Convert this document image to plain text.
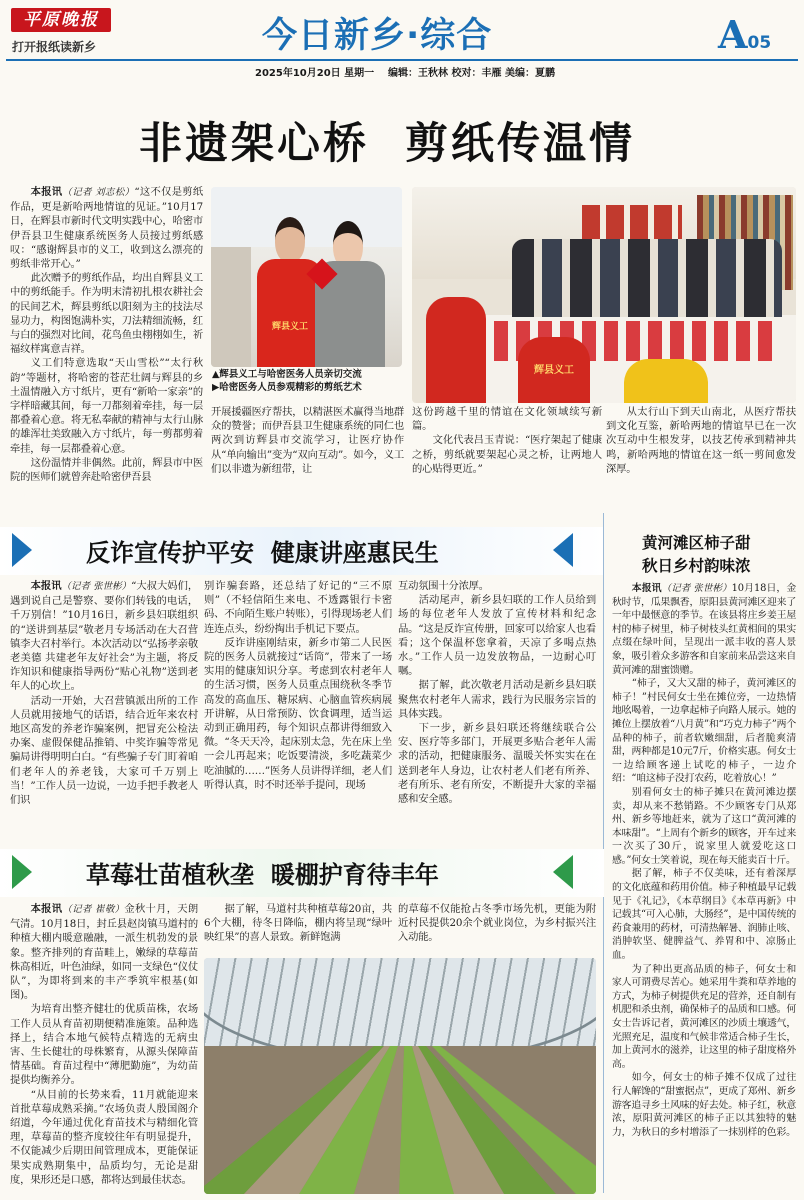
平原晚报
打开报纸读新乡	今日新乡·综合	A05
2025年10月20日 星期一 编辑：王秋林 校对：丰雁 美编：夏鹏
非遗架心桥  剪纸传温情

本报讯（记者 刘志松）“这不仅是剪纸作品，更是新哈两地情谊的见证。”10月17日，在辉县市新时代文明实践中心，哈密市伊吾县卫生健康系统医务人员接过剪纸感叹：“感谢辉县市的义工，收到这么漂亮的剪纸非常开心。”

此次赠予的剪纸作品，均出自辉县义工中的剪纸能手。作为明末清初扎根农耕社会的民间艺术，辉县剪纸以阳刻为主的技法尽显功力，构图饱满朴实，刀法精细流畅，红与白的强烈对比间，花鸟鱼虫栩栩如生，祈福纹样寓意吉祥。

义工们特意选取“天山雪松”“太行秋韵”等题材，将哈密的苍茫壮阔与辉县的乡土温情融入方寸纸片，更有“新哈一家亲”的字样暗藏其间，每一刀都刻着牵挂，每一层都叠着心意。将无私奉献的精神与太行山脉的雄浑壮美致融入方寸纸片，每一剪都剪着牵挂，每一层都叠着心意。

这份温情并非偶然。此前，辉县市中医院的医师们就曾奔赴哈密伊吾县

辉县义工
▲辉县义工与哈密医务人员亲切交流
▶哈密医务人员参观精彩的剪纸艺术
辉县义工

开展援疆医疗帮扶，以精湛医术赢得当地群众的赞誉；而伊吾县卫生健康系统的同仁也两次到访辉县市交流学习，让医疗协作从“单向输出”变为“双向互动”。如今，义工们以非遗为新纽带，让

这份跨越千里的情谊在文化领域续写新篇。

文化代表吕玉青说：“医疗架起了健康之桥，剪纸就要架起心灵之桥，让两地人的心贴得更近。”

从太行山下到天山南北，从医疗帮扶到文化互鉴，新哈两地的情谊早已在一次次互动中生根发芽，以技艺传承到精神共鸣，新哈两地的情谊在这一纸一剪间愈发深厚。

反诈宣传护平安  健康讲座惠民生

本报讯（记者 张世彬）“大叔大妈们，遇到说自己是警察、要你们转钱的电话，千万别信！”10月16日，新乡县妇联组织的“送讲到基层”敬老月专场活动在大召营镇李大召村举行。本次活动以“弘扬孝亲敬老美德 共建老年友好社会”为主题，将反诈知识和健康指导两份“贴心礼物”送到老年人的心坎上。

活动一开始，大召营镇派出所的工作人员就用接地气的话语，结合近年来农村地区高发的养老诈骗案例，把冒充公检法办案、虚假保健品推销、中奖诈骗等常见骗局讲得明明白白。“有些骗子专门盯着咱们老年人的养老钱，大家可千万别上当！”工作人员一边说，一边手把手教老人们识

别诈骗套路，还总结了好记的“三不原则”（不轻信陌生来电、不透露银行卡密码、不向陌生账户转账），引得现场老人们连连点头，纷纷掏出手机记下要点。

反诈讲座刚结束，新乡市第二人民医院的医务人员就接过“话筒”，带来了一场实用的健康知识分享。考虑到农村老年人的生活习惯，医务人员重点围绕秋冬季节高发的高血压、糖尿病、心脑血管疾病展开讲解，从日常预防、饮食调理，适当运动到正确用药，每个知识点都讲得细致入微。“冬天天冷，起床别太急，先在床上坐一会儿再起来；吃饭要清淡，多吃蔬菜少吃油腻的……”医务人员讲得详细，老人们听得认真，时不时还举手提问，现场

互动氛围十分浓厚。

活动尾声，新乡县妇联的工作人员给到场的每位老年人发放了宣传材料和纪念品。“这是反诈宣传册，回家可以给家人也看看；这个保温杯您拿着，天凉了多喝点热水。”工作人员一边发放物品，一边耐心叮嘱。

据了解，此次敬老月活动是新乡县妇联聚焦农村老年人需求，践行为民服务宗旨的具体实践。

下一步，新乡县妇联还将继续联合公安、医疗等多部门，开展更多贴合老年人需求的活动，把健康服务、温暖关怀实实在在送到老年人身边，让农村老人们老有所养、老有所乐、老有所安，不断提升大家的幸福感和安全感。

黄河滩区柿子甜
秋日乡村韵味浓

本报讯（记者 张世彬）10月18日，金秋时节，瓜果飘香，原阳县黄河滩区迎来了一年中最惬意的季节。在该县将庄乡姜王屋村的柿子树里，柿子树枝头红黄相间的果实点缀在绿叶间，呈现出一派丰收的喜人景象，吸引着众多游客和自家前来品尝这来自黄河滩的甜蜜馈赠。

“柿子，又大又甜的柿子，黄河滩区的柿子！”村民何女士坐在摊位旁，一边热情地吆喝着，一边拿起柿子向路人展示。她的摊位上摆放着“八月黄”和“巧克力柿子”两个品种的柿子，前者软嫩细甜，后者脆爽清甜，两种都是10元7斤，价格实惠。何女士一边给顾客递上试吃的柿子，一边介绍：“咱这柿子没打农药，吃着放心！”

别看何女士的柿子摊只在黄河滩边摆卖，却从来不愁销路。不少顾客专门从郑州、新乡等地赶来，就为了这口“黄河滩的本味甜”。“上周有个新乡的顾客，开车过来一次买了30斤，说家里人就爱吃这口感。”何女士笑着说，现在每天能卖百十斤。

据了解，柿子不仅美味，还有着深厚的文化底蕴和药用价值。柿子种植最早记载见于《礼记》，《本草纲目》《本草再新》中记载其“可入心肺，大肠经”，是中国传统的药食兼用的药材，可清热解暑、润肺止咳、消肿软坚、健脾益气、养胃和中、凉肠止血。

为了种出更高品质的柿子，何女士和家人可谓费尽苦心。她采用牛粪和草养地的方式，为柿子树提供充足的营养，还自制有机肥和杀虫剂，确保柿子的品质和口感。何女士告诉记者，黄河滩区的沙质土壤透气，光照充足，温度和气候非常适合柿子生长，加上黄河水的滋养，让这里的柿子甜度格外高。

如今，何女士的柿子摊不仅成了过往行人解馋的“甜蜜据点”，更成了郑州、新乡游客追寻乡土风味的好去处。柿子红，秋意浓，原阳黄河滩区的柿子正以其独特的魅力，为秋日的乡村增添了一抹别样的色彩。

草莓壮苗植秋垄  暖棚护育待丰年

本报讯（记者 崔敬）金秋十月，天朗气清。10月18日，封丘县赵岗镇马道村的种植大棚内暖意融融，一派生机勃发的景象。整齐排列的育苗畦上，嫩绿的草莓苗株高相近，叶色油绿，如同一支绿色“仪仗队”，为即将到来的丰产季筑牢根基(如图)。

为培育出整齐健壮的优质苗株，农场工作人员从育苗初期便精准施策。品种选择上，结合本地气候特点精选的无病虫害、生长健壮的母株繁育，从源头保障苗情基础。育苗过程中“薄肥勤施”，为幼苗提供均衡养分。

“从目前的长势来看，11月就能迎来首批草莓成熟采摘。”农场负责人殷国阁介绍道，今年通过优化育苗技术与精细化管理，草莓苗的整齐度较往年有明显提升，不仅能减少后期田间管理成本，更能保证果实成熟期集中，品质均匀，无论是甜度，果形还是口感，都将达到最佳状态。

据了解，马道村共种植草莓20亩，共6个大棚，待冬日降临，棚内将呈现“绿叶映红果”的喜人景致。新鲜饱满

的草莓不仅能抢占冬季市场先机，更能为附近村民提供20余个就业岗位，为乡村振兴注入动能。
